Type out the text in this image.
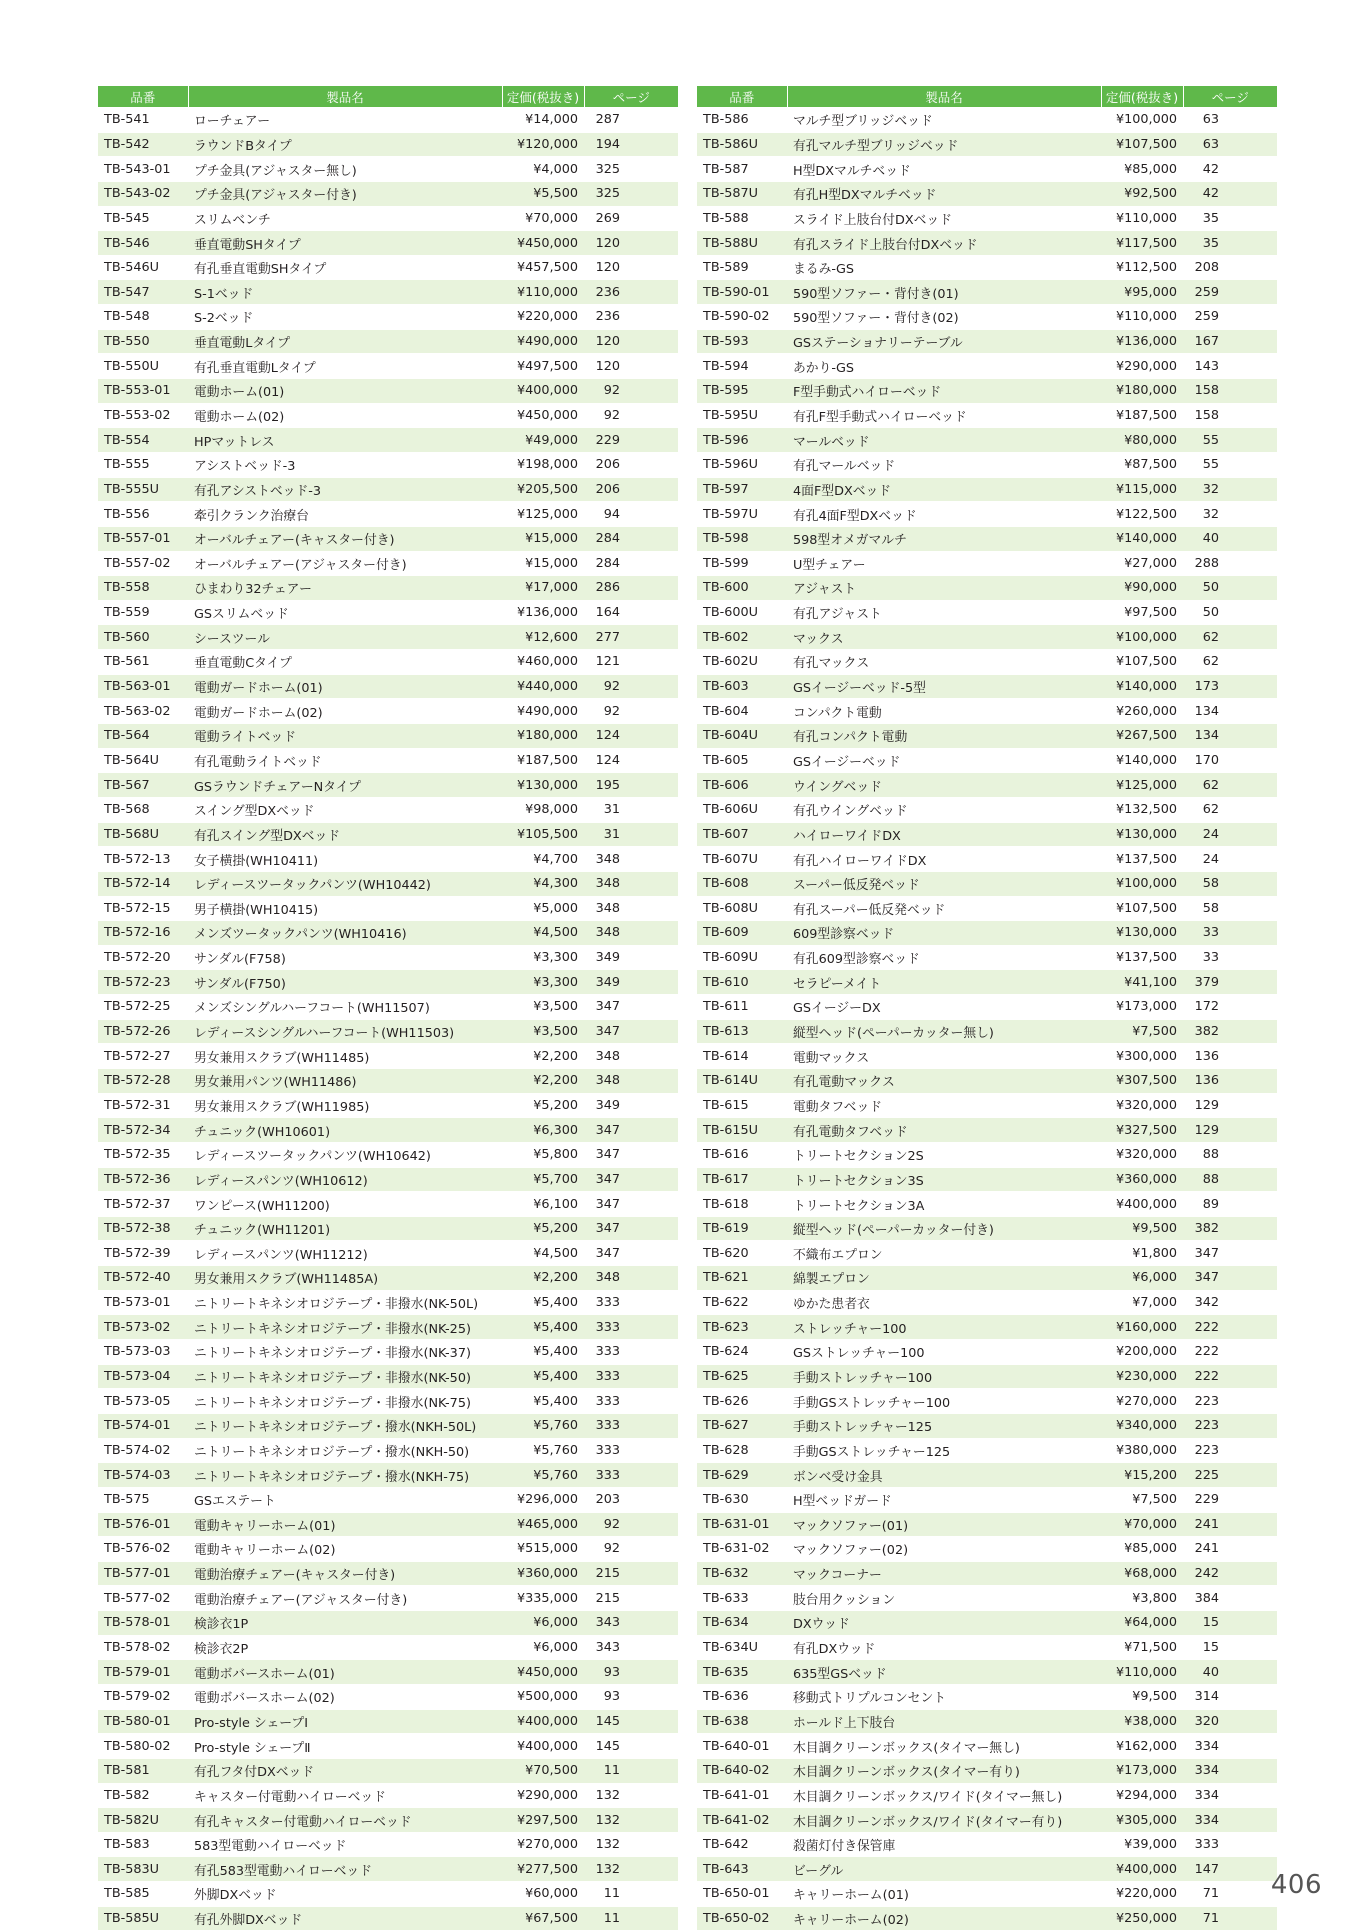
品番	製品名	定価(税抜き)	ページ
TB-541	ローチェアー	¥14,000	287
TB-542	ラウンドBタイプ	¥120,000	194
TB-543-01	プチ金具(アジャスター無し)	¥4,000	325
TB-543-02	プチ金具(アジャスター付き)	¥5,500	325
TB-545	スリムベンチ	¥70,000	269
TB-546	垂直電動SHタイプ	¥450,000	120
TB-546U	有孔垂直電動SHタイプ	¥457,500	120
TB-547	S-1ベッド	¥110,000	236
TB-548	S-2ベッド	¥220,000	236
TB-550	垂直電動Lタイプ	¥490,000	120
TB-550U	有孔垂直電動Lタイプ	¥497,500	120
TB-553-01	電動ホーム(01)	¥400,000	92
TB-553-02	電動ホーム(02)	¥450,000	92
TB-554	HPマットレス	¥49,000	229
TB-555	アシストベッド-3	¥198,000	206
TB-555U	有孔アシストベッド-3	¥205,500	206
TB-556	牽引クランク治療台	¥125,000	94
TB-557-01	オーバルチェアー(キャスター付き)	¥15,000	284
TB-557-02	オーバルチェアー(アジャスター付き)	¥15,000	284
TB-558	ひまわり32チェアー	¥17,000	286
TB-559	GSスリムベッド	¥136,000	164
TB-560	シースツール	¥12,600	277
TB-561	垂直電動Cタイプ	¥460,000	121
TB-563-01	電動ガードホーム(01)	¥440,000	92
TB-563-02	電動ガードホーム(02)	¥490,000	92
TB-564	電動ライトベッド	¥180,000	124
TB-564U	有孔電動ライトベッド	¥187,500	124
TB-567	GSラウンドチェアーNタイプ	¥130,000	195
TB-568	スイング型DXベッド	¥98,000	31
TB-568U	有孔スイング型DXベッド	¥105,500	31
TB-572-13	女子横掛(WH10411)	¥4,700	348
TB-572-14	レディースツータックパンツ(WH10442)	¥4,300	348
TB-572-15	男子横掛(WH10415)	¥5,000	348
TB-572-16	メンズツータックパンツ(WH10416)	¥4,500	348
TB-572-20	サンダル(F758)	¥3,300	349
TB-572-23	サンダル(F750)	¥3,300	349
TB-572-25	メンズシングルハーフコート(WH11507)	¥3,500	347
TB-572-26	レディースシングルハーフコート(WH11503)	¥3,500	347
TB-572-27	男女兼用スクラブ(WH11485)	¥2,200	348
TB-572-28	男女兼用パンツ(WH11486)	¥2,200	348
TB-572-31	男女兼用スクラブ(WH11985)	¥5,200	349
TB-572-34	チュニック(WH10601)	¥6,300	347
TB-572-35	レディースツータックパンツ(WH10642)	¥5,800	347
TB-572-36	レディースパンツ(WH10612)	¥5,700	347
TB-572-37	ワンピース(WH11200)	¥6,100	347
TB-572-38	チュニック(WH11201)	¥5,200	347
TB-572-39	レディースパンツ(WH11212)	¥4,500	347
TB-572-40	男女兼用スクラブ(WH11485A)	¥2,200	348
TB-573-01	ニトリートキネシオロジテープ・非撥水(NK-50L)	¥5,400	333
TB-573-02	ニトリートキネシオロジテープ・非撥水(NK-25)	¥5,400	333
TB-573-03	ニトリートキネシオロジテープ・非撥水(NK-37)	¥5,400	333
TB-573-04	ニトリートキネシオロジテープ・非撥水(NK-50)	¥5,400	333
TB-573-05	ニトリートキネシオロジテープ・非撥水(NK-75)	¥5,400	333
TB-574-01	ニトリートキネシオロジテープ・撥水(NKH-50L)	¥5,760	333
TB-574-02	ニトリートキネシオロジテープ・撥水(NKH-50)	¥5,760	333
TB-574-03	ニトリートキネシオロジテープ・撥水(NKH-75)	¥5,760	333
TB-575	GSエステート	¥296,000	203
TB-576-01	電動キャリーホーム(01)	¥465,000	92
TB-576-02	電動キャリーホーム(02)	¥515,000	92
TB-577-01	電動治療チェアー(キャスター付き)	¥360,000	215
TB-577-02	電動治療チェアー(アジャスター付き)	¥335,000	215
TB-578-01	検診衣1P	¥6,000	343
TB-578-02	検診衣2P	¥6,000	343
TB-579-01	電動ボバースホーム(01)	¥450,000	93
TB-579-02	電動ボバースホーム(02)	¥500,000	93
TB-580-01	Pro-style シェープⅠ	¥400,000	145
TB-580-02	Pro-style シェープⅡ	¥400,000	145
TB-581	有孔フタ付DXベッド	¥70,500	11
TB-582	キャスター付電動ハイローベッド	¥290,000	132
TB-582U	有孔キャスター付電動ハイローベッド	¥297,500	132
TB-583	583型電動ハイローベッド	¥270,000	132
TB-583U	有孔583型電動ハイローベッド	¥277,500	132
TB-585	外脚DXベッド	¥60,000	11
TB-585U	有孔外脚DXベッド	¥67,500	11
品番	製品名	定価(税抜き)	ページ
TB-586	マルチ型ブリッジベッド	¥100,000	63
TB-586U	有孔マルチ型ブリッジベッド	¥107,500	63
TB-587	H型DXマルチベッド	¥85,000	42
TB-587U	有孔H型DXマルチベッド	¥92,500	42
TB-588	スライド上肢台付DXベッド	¥110,000	35
TB-588U	有孔スライド上肢台付DXベッド	¥117,500	35
TB-589	まるみ-GS	¥112,500	208
TB-590-01	590型ソファー・背付き(01)	¥95,000	259
TB-590-02	590型ソファー・背付き(02)	¥110,000	259
TB-593	GSステーショナリーテーブル	¥136,000	167
TB-594	あかり-GS	¥290,000	143
TB-595	F型手動式ハイローベッド	¥180,000	158
TB-595U	有孔F型手動式ハイローベッド	¥187,500	158
TB-596	マールベッド	¥80,000	55
TB-596U	有孔マールベッド	¥87,500	55
TB-597	4面F型DXベッド	¥115,000	32
TB-597U	有孔4面F型DXベッド	¥122,500	32
TB-598	598型オメガマルチ	¥140,000	40
TB-599	U型チェアー	¥27,000	288
TB-600	アジャスト	¥90,000	50
TB-600U	有孔アジャスト	¥97,500	50
TB-602	マックス	¥100,000	62
TB-602U	有孔マックス	¥107,500	62
TB-603	GSイージーベッド-5型	¥140,000	173
TB-604	コンパクト電動	¥260,000	134
TB-604U	有孔コンパクト電動	¥267,500	134
TB-605	GSイージーベッド	¥140,000	170
TB-606	ウイングベッド	¥125,000	62
TB-606U	有孔ウイングベッド	¥132,500	62
TB-607	ハイローワイドDX	¥130,000	24
TB-607U	有孔ハイローワイドDX	¥137,500	24
TB-608	スーパー低反発ベッド	¥100,000	58
TB-608U	有孔スーパー低反発ベッド	¥107,500	58
TB-609	609型診察ベッド	¥130,000	33
TB-609U	有孔609型診察ベッド	¥137,500	33
TB-610	セラピーメイト	¥41,100	379
TB-611	GSイージーDX	¥173,000	172
TB-613	縦型ヘッド(ペーパーカッター無し)	¥7,500	382
TB-614	電動マックス	¥300,000	136
TB-614U	有孔電動マックス	¥307,500	136
TB-615	電動タフベッド	¥320,000	129
TB-615U	有孔電動タフベッド	¥327,500	129
TB-616	トリートセクション2S	¥320,000	88
TB-617	トリートセクション3S	¥360,000	88
TB-618	トリートセクション3A	¥400,000	89
TB-619	縦型ヘッド(ペーパーカッター付き)	¥9,500	382
TB-620	不織布エプロン	¥1,800	347
TB-621	綿製エプロン	¥6,000	347
TB-622	ゆかた患者衣	¥7,000	342
TB-623	ストレッチャー100	¥160,000	222
TB-624	GSストレッチャー100	¥200,000	222
TB-625	手動ストレッチャー100	¥230,000	222
TB-626	手動GSストレッチャー100	¥270,000	223
TB-627	手動ストレッチャー125	¥340,000	223
TB-628	手動GSストレッチャー125	¥380,000	223
TB-629	ボンベ受け金具	¥15,200	225
TB-630	H型ベッドガード	¥7,500	229
TB-631-01	マックソファー(01)	¥70,000	241
TB-631-02	マックソファー(02)	¥85,000	241
TB-632	マックコーナー	¥68,000	242
TB-633	肢台用クッション	¥3,800	384
TB-634	DXウッド	¥64,000	15
TB-634U	有孔DXウッド	¥71,500	15
TB-635	635型GSベッド	¥110,000	40
TB-636	移動式トリプルコンセント	¥9,500	314
TB-638	ホールド上下肢台	¥38,000	320
TB-640-01	木目調クリーンボックス(タイマー無し)	¥162,000	334
TB-640-02	木目調クリーンボックス(タイマー有り)	¥173,000	334
TB-641-01	木目調クリーンボックス/ワイド(タイマー無し)	¥294,000	334
TB-641-02	木目調クリーンボックス/ワイド(タイマー有り)	¥305,000	334
TB-642	殺菌灯付き保管庫	¥39,000	333
TB-643	ビーグル	¥400,000	147
TB-650-01	キャリーホーム(01)	¥220,000	71
TB-650-02	キャリーホーム(02)	¥250,000	71
406
